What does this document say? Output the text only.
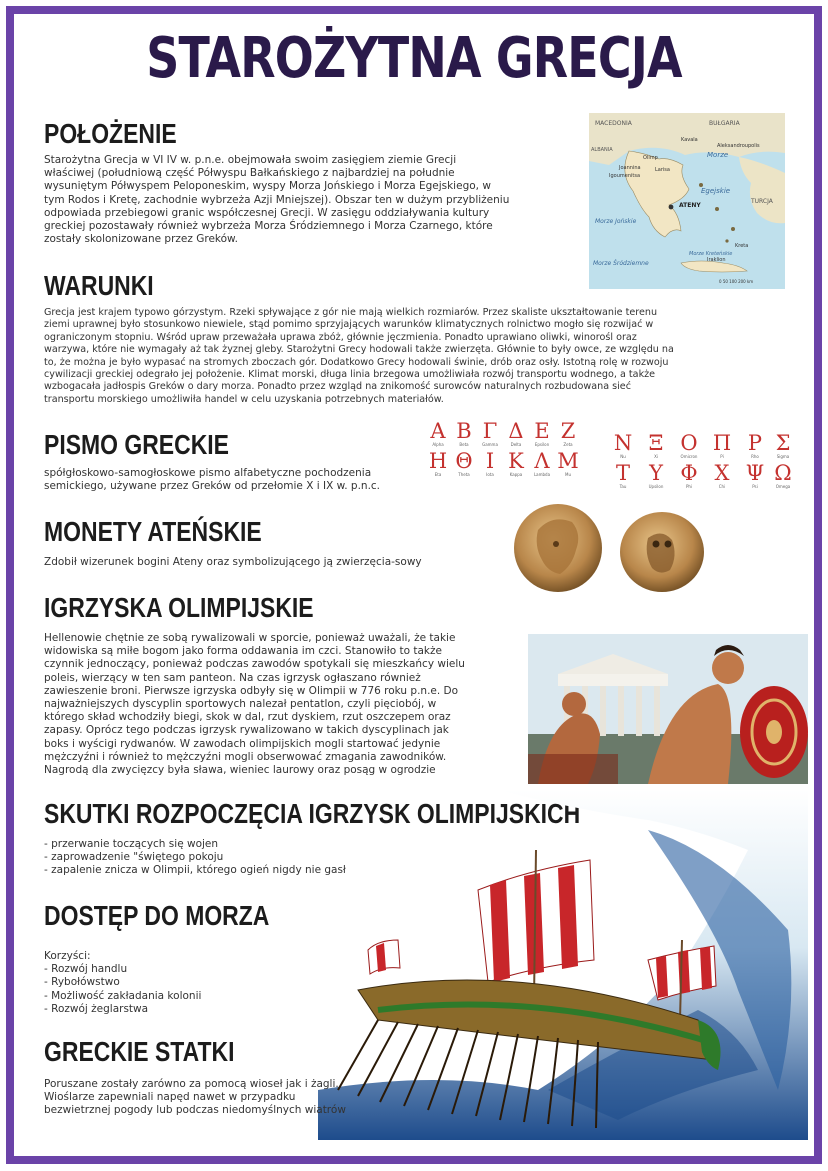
STAROŻYTNA GRECJA
POŁOŻENIE
Starożytna Grecja w VI IV w. p.n.e. obejmowała swoim zasięgiem ziemie Grecji
właściwej (południową część Półwyspu Bałkańskiego z najbardziej na południe
wysuniętym Półwyspem Peloponeskim, wyspy Morza Jońskiego i Morza Egejskiego, w
tym Rodos i Kretę, zachodnie wybrzeża Azji Mniejszej). Obszar ten w dużym przybliżeniu
odpowiada przebiegowi granic współczesnej Grecji. W zasięgu oddziaływania kultury
greckiej pozostawały również wybrzeża Morza Śródziemnego i Morza Czarnego, które
zostały skolonizowane przez Greków.
MACEDONIA	BUŁGARIA
ALBANIA
Kavala
Aleksandroupolis
Olimp
Joannina	Larisa
Igoumenitsa
Morze Jońskie
Morze
Egejskie
ATENY
TURCJA
Kreta
Morze Śródziemne
Morze Kreteńskie
Iraklion
0 50 100 200 km
WARUNKI
Grecja jest krajem typowo górzystym. Rzeki spływające z gór nie mają wielkich rozmiarów. Przez skaliste ukształtowanie terenu
ziemi uprawnej było stosunkowo niewiele, stąd pomimo sprzyjających warunków klimatycznych rolnictwo mogło się rozwijać w
ograniczonym stopniu. Wśród upraw przeważała uprawa zbóż, głównie jęczmienia. Ponadto uprawiano oliwki, winorośl oraz
warzywa, które nie wymagały aż tak żyznej gleby. Starożytni Grecy hodowali także zwierzęta. Głównie to były owce, ze względu na
to, że można je było wypasać na stromych zboczach gór. Dodatkowo Grecy hodowali świnie, drób oraz osły. Istotną rolę w rozwoju
cywilizacji greckiej odegrało jej położenie. Klimat morski, długa linia brzegowa umożliwiała rozwój transportu wodnego, a także
wzbogacała jadłospis Greków o dary morza. Ponadto przez wzgląd na znikomość surowców naturalnych rozbudowana sieć
transportu morskiego umożliwiła handel w celu uzyskania potrzebnych materiałów.
PISMO GRECKIE
spółgłoskowo-samogłoskowe pismo alfabetyczne pochodzenia
semickiego, używane przez Greków od przełomie X i IX w. p.n.c.
Α
Alpha
Β
Beta
Γ
Gamma
Δ
Delta
Ε
Epsilon
Ζ
Zeta
Η
Eta
Θ
Theta
Ι
Iota
Κ
Kappa
Λ
Lambda
Μ
Mu
Ν
Nu
Ξ
Xi
Ο
Omicron
Π
Pi
Ρ
Rho
Σ
Sigma
Τ
Tau
Υ
Upsilon
Φ
Phi
Χ
Chi
Ψ
Psi
Ω
Omega
MONETY ATEŃSKIE
Zdobił wizerunek bogini Ateny oraz symbolizującego ją zwierzęcia-sowy
IGRZYSKA OLIMPIJSKIE
Hellenowie chętnie ze sobą rywalizowali w sporcie, ponieważ uważali, że takie
widowiska są miłe bogom jako forma oddawania im czci. Stanowiło to także
czynnik jednoczący, ponieważ podczas zawodów spotykali się mieszkańcy wielu
poleis, wierzący w ten sam panteon. Na czas igrzysk ogłaszano również
zawieszenie broni. Pierwsze igrzyska odbyły się w Olimpii w 776 roku p.n.e. Do
najważniejszych dyscyplin sportowych nalezał pentatlon, czyli pięciobój, w
którego skład wchodziły biegi, skok w dal, rzut dyskiem, rzut oszczepem oraz
zapasy. Oprócz tego podczas igrzysk rywalizowano w takich dyscyplinach jak
boks i wyścigi rydwanów. W zawodach olimpijskich mogli startować jedynie
mężczyźni i również to mężczyźni mogli obserwować zmagania zawodników.
Nagrodą dla zwycięzcy była sława, wieniec laurowy oraz posąg w ogrodzie
SKUTKI ROZPOCZĘCIA IGRZYSK OLIMPIJSKICH
- przerwanie toczących się wojen
- zaprowadzenie "świętego pokoju
- zapalenie znicza w Olimpii, którego ogień nigdy nie gasł
DOSTĘP DO MORZA
Korzyści:
- Rozwój handlu
- Rybołówstwo
- Możliwość zakładania kolonii
- Rozwój żeglarstwa
GRECKIE STATKI
Poruszane zostały zarówno za pomocą wioseł jak i żagli.
Wioślarze zapewniali napęd nawet w przypadku
bezwietrznej pogody lub podczas niedomyślnych wiatrów
